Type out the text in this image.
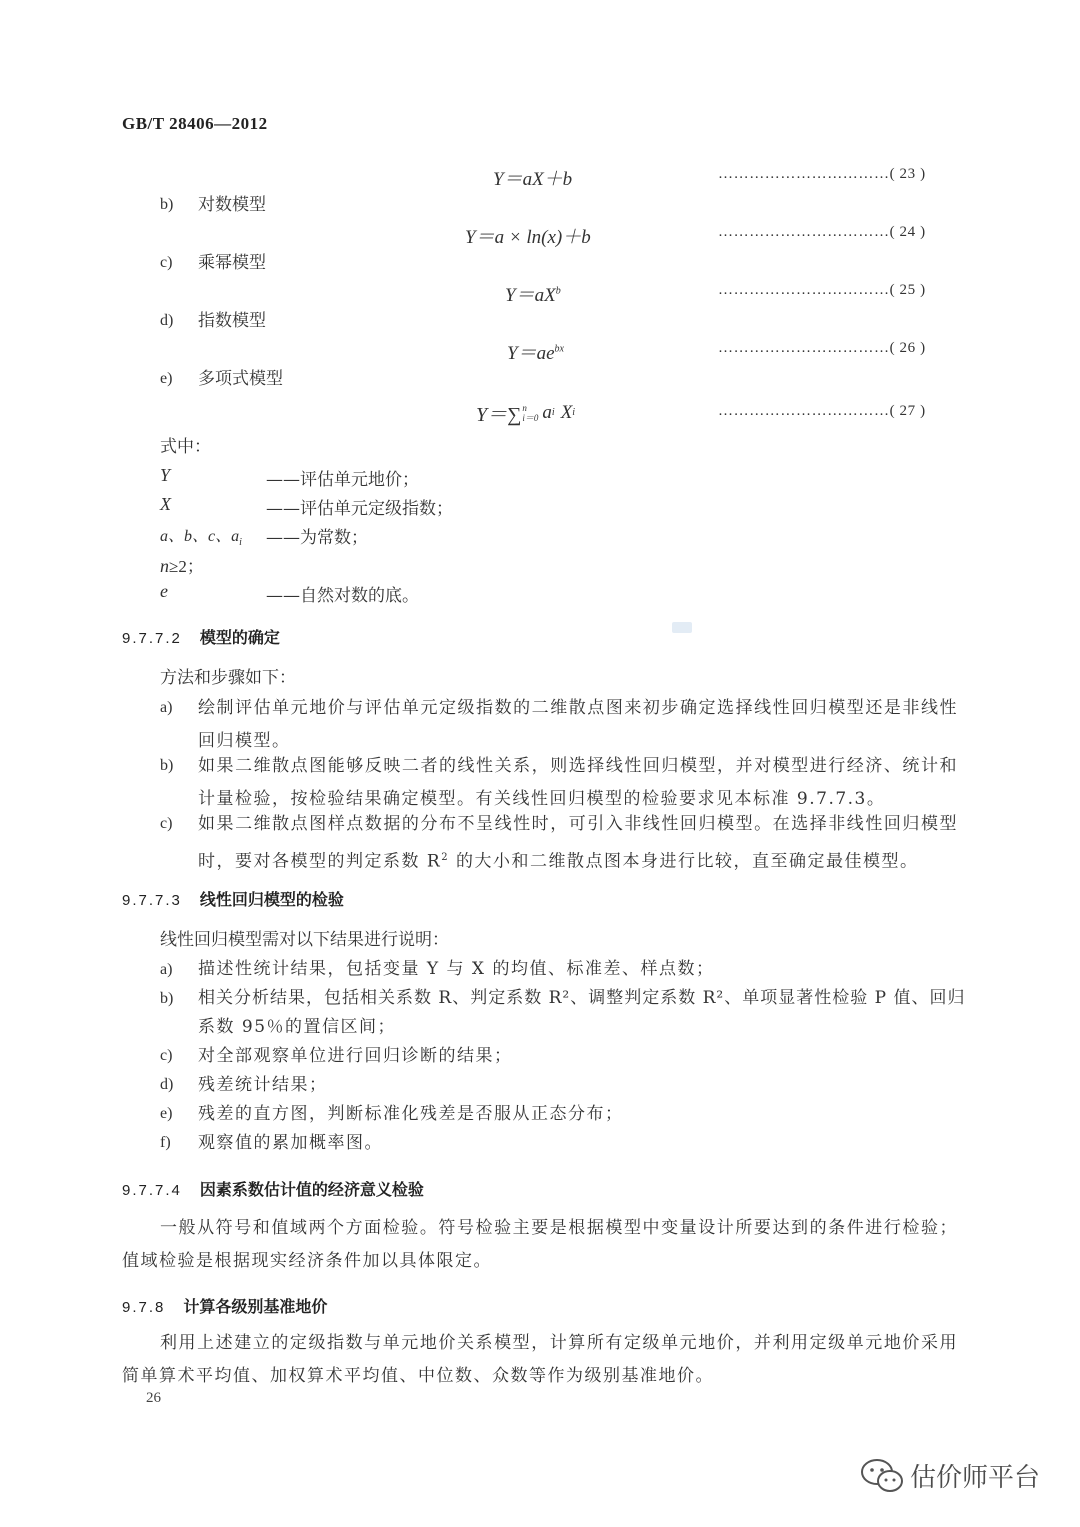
GB/T 28406—2012
Y＝aX＋b	……………………………( 23 )
b) 对数模型
Y＝a × ln(x)＋b	……………………………( 24 )
c) 乘幂模型
$Y=aX^b$	……………………………( 25 )
d) 指数模型
$Y=ae^{bx}$	……………………………( 26 )
e) 多项式模型
Y＝∑ n
i＝0 a i X i	……………………………( 27 )
式中：
Y	——评估单元地价；
X	——评估单元定级指数；
a、b、c、$a_i$ ——为常数；
n≥2；
e	——自然对数的底。
9.7.7.2 模型的确定
方法和步骤如下：
a) 绘制评估单元地价与评估单元定级指数的二维散点图来初步确定选择线性回归模型还是非线性回归模型。
b) 如果二维散点图能够反映二者的线性关系，则选择线性回归模型，并对模型进行经济、统计和计量检验，按检验结果确定模型。有关线性回归模型的检验要求见本标准 9.7.7.3。
c) 如果二维散点图样点数据的分布不呈线性时，可引入非线性回归模型。在选择非线性回归模型时，要对各模型的判定系数 $R^2$ 的大小和二维散点图本身进行比较，直至确定最佳模型。
9.7.7.3 线性回归模型的检验
线性回归模型需对以下结果进行说明：
a) 描述性统计结果，包括变量 Y 与 X 的均值、标准差、样点数；
b) 相关分析结果，包括相关系数 R、判定系数 R²、调整判定系数 R²、单项显著性检验 P 值、回归
系数 95％的置信区间；
c) 对全部观察单位进行回归诊断的结果；
d) 残差统计结果；
e) 残差的直方图，判断标准化残差是否服从正态分布；
f) 观察值的累加概率图。
9.7.7.4 因素系数估计值的经济意义检验
一般从符号和值域两个方面检验。符号检验主要是根据模型中变量设计所要达到的条件进行检验；值域检验是根据现实经济条件加以具体限定。
9.7.8 计算各级别基准地价
利用上述建立的定级指数与单元地价关系模型，计算所有定级单元地价，并利用定级单元地价采用简单算术平均值、加权算术平均值、中位数、众数等作为级别基准地价。
26
估价师平台
